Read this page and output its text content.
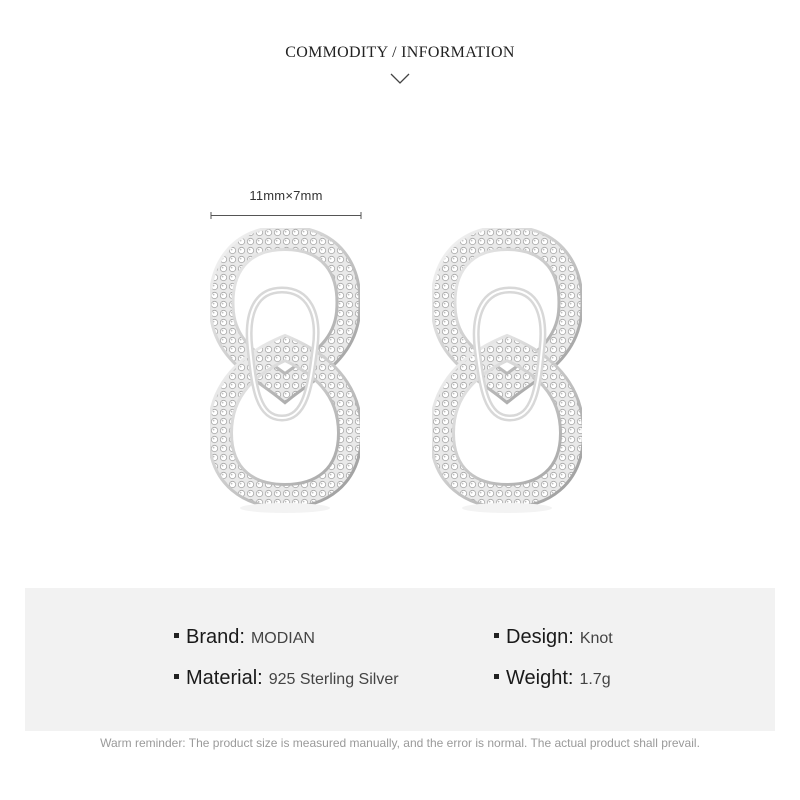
COMMODITY / INFORMATION
11mm×7mm
Brand: MODIAN
Material: 925 Sterling Silver
Design: Knot
Weight: 1.7g
Warm reminder: The product size is measured manually, and the error is normal. The actual product shall prevail.
